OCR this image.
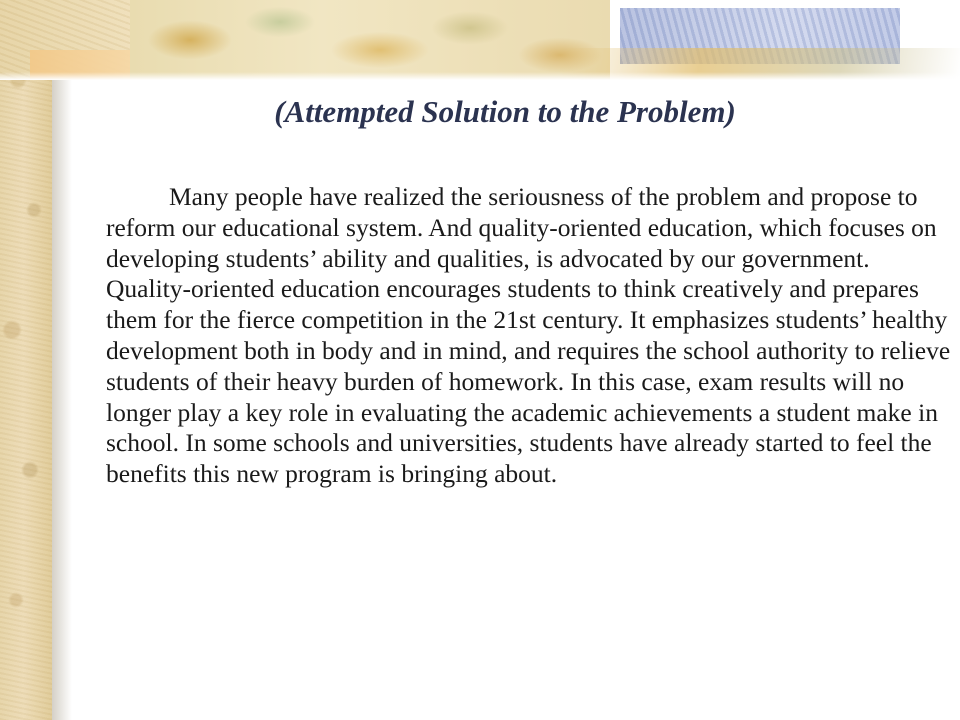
(Attempted Solution to the Problem)

Many people have realized the seriousness of the problem and propose to reform our educational system. And quality-oriented education, which focuses on developing students’ ability and qualities, is advocated by our government. Quality-oriented education encourages students to think creatively and prepares them for the fierce competition in the 21st century. It emphasizes students’ healthy development both in body and in mind, and requires the school authority to relieve students of their heavy burden of homework. In this case, exam results will no longer play a key role in evaluating the academic achievements a student make in school. In some schools and universities, students have already started to feel the benefits this new program is bringing about.
